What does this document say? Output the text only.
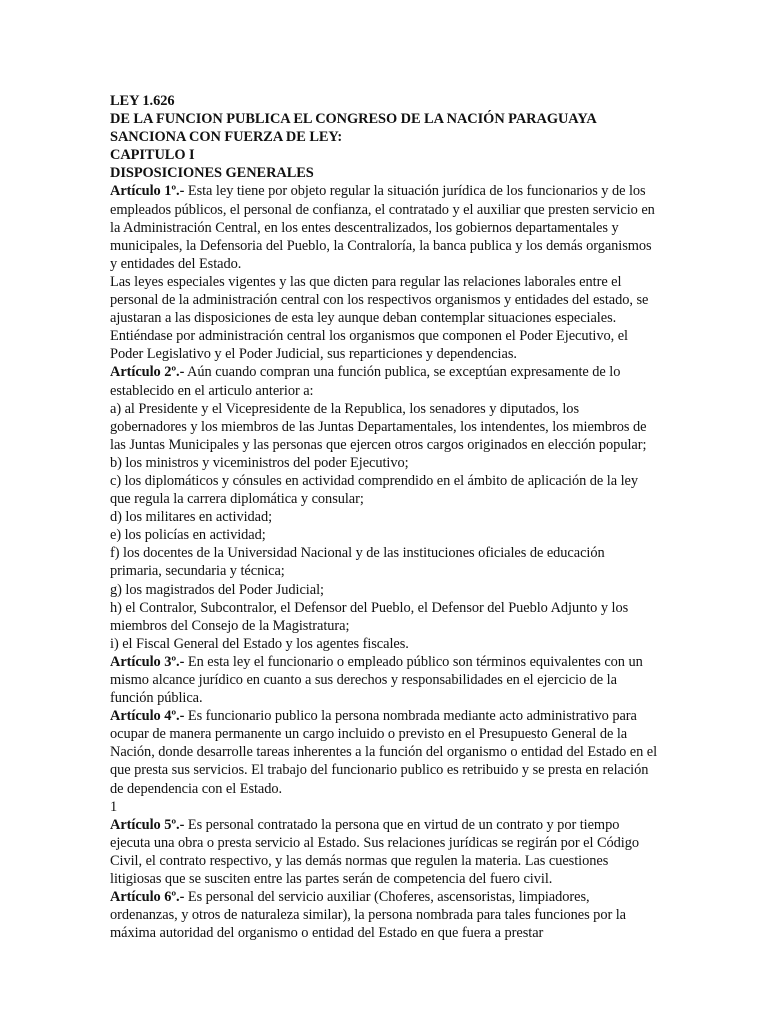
LEY 1.626

DE LA FUNCION PUBLICA EL CONGRESO DE LA NACIÓN PARAGUAYA

SANCIONA CON FUERZA DE LEY:

CAPITULO I

DISPOSICIONES GENERALES

Artículo 1º.- Esta ley tiene por objeto regular la situación jurídica de los funcionarios y de los empleados públicos, el personal de confianza, el contratado y el auxiliar que presten servicio en la Administración Central, en los entes descentralizados, los gobiernos departamentales y municipales, la Defensoria del Pueblo, la Contraloría, la banca publica y los demás organismos y entidades del Estado.

Las leyes especiales vigentes y las que dicten para regular las relaciones laborales entre el personal de la administración central con los respectivos organismos y entidades del estado, se ajustaran a las disposiciones de esta ley aunque deban contemplar situaciones especiales.

Entiéndase por administración central los organismos que componen el Poder Ejecutivo, el Poder Legislativo y el Poder Judicial, sus reparticiones y dependencias.

Artículo 2º.- Aún cuando compran una función publica, se exceptúan expresamente de lo establecido en el articulo anterior a:

a) al Presidente y el Vicepresidente de la Republica, los senadores y diputados, los gobernadores y los miembros de las Juntas Departamentales, los intendentes, los miembros de las Juntas Municipales y las personas que ejercen otros cargos originados en elección popular;

b) los ministros y viceministros del poder Ejecutivo;

c) los diplomáticos y cónsules en actividad comprendido en el ámbito de aplicación de la ley que regula la carrera diplomática y consular;

d) los militares en actividad;

e) los policías en actividad;

f) los docentes de la Universidad Nacional y de las instituciones oficiales de educación primaria, secundaria y técnica;

g) los magistrados del Poder Judicial;

h) el Contralor, Subcontralor, el Defensor del Pueblo, el Defensor del Pueblo Adjunto y los miembros del Consejo de la Magistratura;

i) el Fiscal General del Estado y los agentes fiscales.

Artículo 3º.- En esta ley el funcionario o empleado público son términos equivalentes con un mismo alcance jurídico en cuanto a sus derechos y responsabilidades en el ejercicio de la función pública.

Artículo 4º.- Es funcionario publico la persona nombrada mediante acto administrativo para ocupar de manera permanente un cargo incluido o previsto en el Presupuesto General de la Nación, donde desarrolle tareas inherentes a la función del organismo o entidad del Estado en el que presta sus servicios. El trabajo del funcionario publico es retribuido y se presta en relación de dependencia con el Estado.

1

Artículo 5º.- Es personal contratado la persona que en virtud de un contrato y por tiempo ejecuta una obra o presta servicio al Estado. Sus relaciones jurídicas se regirán por el Código Civil, el contrato respectivo, y las demás normas que regulen la materia. Las cuestiones litigiosas que se susciten entre las partes serán de competencia del fuero civil.

Artículo 6º.- Es personal del servicio auxiliar (Choferes, ascensoristas, limpiadores, ordenanzas, y otros de naturaleza similar), la persona nombrada para tales funciones por la máxima autoridad del organismo o entidad del Estado en que fuera a prestar
